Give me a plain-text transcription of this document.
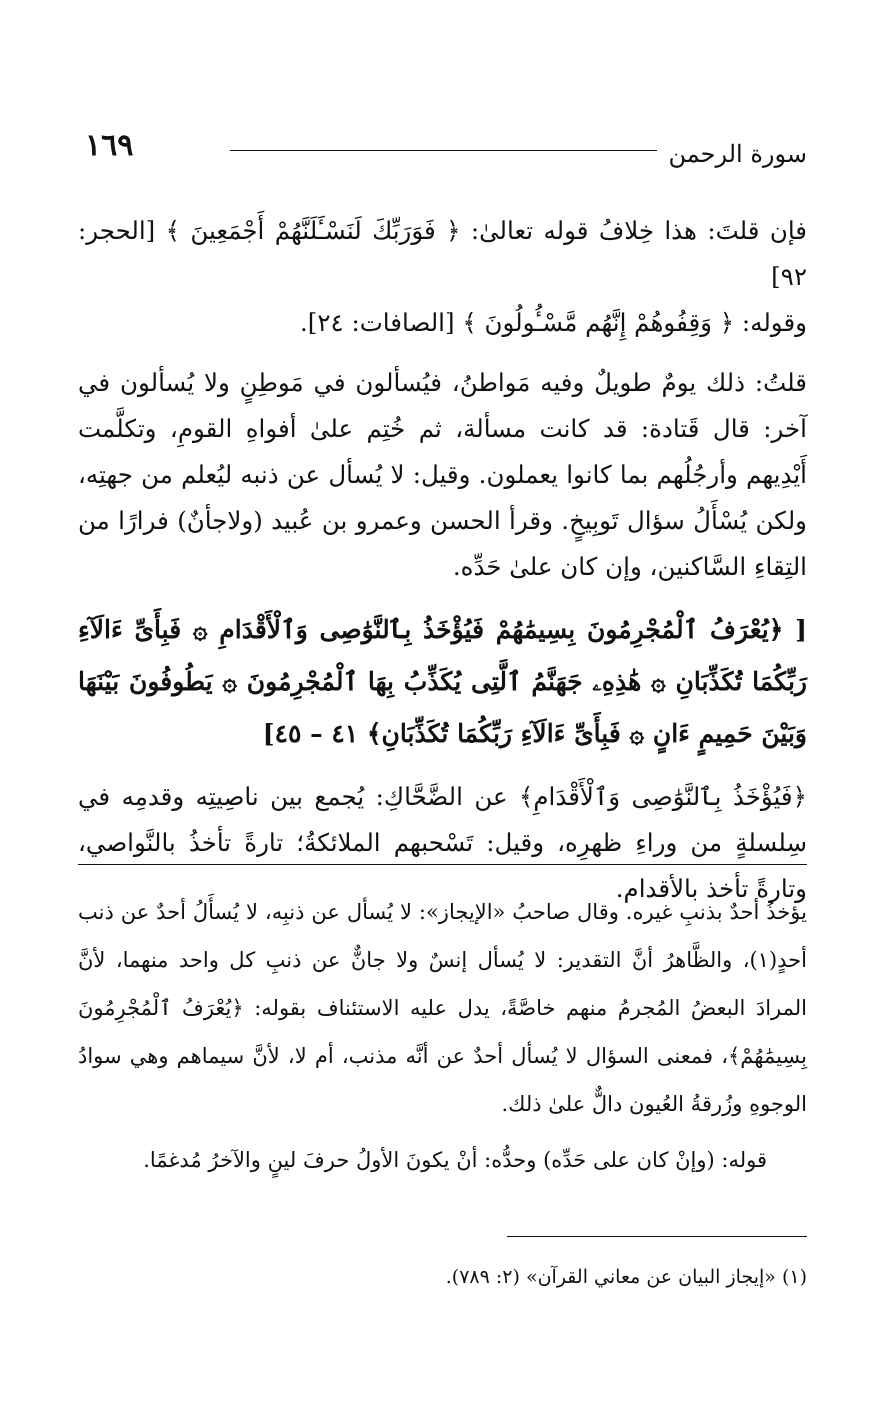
١٦٩	سورة الرحمن

فإن قلتَ: هذا خِلافُ قوله تعالىٰ: ﴿ فَوَرَبِّكَ لَنَسْـَٔلَنَّهُمْ أَجْمَعِينَ ﴾ [الحجر: ٩٢]
وقوله: ﴿ وَقِفُوهُمْ إِنَّهُم مَّسْـُٔولُونَ ﴾ [الصافات: ٢٤].

قلتُ: ذلك يومٌ طويلٌ وفيه مَواطنُ، فيُسألون في مَوطِنٍ ولا يُسألون في آخر: قال قَتادة: قد كانت مسألة، ثم خُتِم علىٰ أفواهِ القومِ، وتكلَّمت أَيْدِيهم وأرجُلُهم بما كانوا يعملون. وقيل: لا يُسأل عن ذنبه ليُعلم من جهتِه، ولكن يُسْأَلُ سؤال تَوبِيخٍ. وقرأ الحسن وعمرو بن عُبيد (ولاجأنٌ) فرارًا من التِقاءِ السَّاكنين، وإن كان علىٰ حَدِّه.

[ ﴿يُعْرَفُ ٱلْمُجْرِمُونَ بِسِيمَٰهُمْ فَيُؤْخَذُ بِٱلنَّوَٰصِى وَٱلْأَقْدَامِ ۞ فَبِأَىِّ ءَالَآءِ رَبِّكُمَا تُكَذِّبَانِ ۞ هَٰذِهِۦ جَهَنَّمُ ٱلَّتِى يُكَذِّبُ بِهَا ٱلْمُجْرِمُونَ ۞ يَطُوفُونَ بَيْنَهَا وَبَيْنَ حَمِيمٍ ءَانٍ ۞ فَبِأَىِّ ءَالَآءِ رَبِّكُمَا تُكَذِّبَانِ﴾ ٤١ – ٤٥]

﴿فَيُؤْخَذُ بِٱلنَّوَٰصِى وَٱلْأَقْدَامِ﴾ عن الضَّحَّاكِ: يُجمع بين ناصِيتِه وقدمِه في سِلسلةٍ من وراءِ ظهرِه، وقيل: تَسْحبهم الملائكةُ؛ تارةً تأخذُ بالنَّواصي، وتارةً تأخذ بالأقدام.

يؤخذُ أحدٌ بذنبِ غيره. وقال صاحبُ «الإيجاز»: لا يُسأل عن ذنبِه، لا يُسأَلُ أحدٌ عن ذنب أحدٍ(١)، والظَّاهرُ أنَّ التقدير: لا يُسأل إنسٌ ولا جانٌّ عن ذنبِ كل واحد منهما، لأنَّ المرادَ البعضُ المُجرمُ منهم خاصَّةً، يدل عليه الاستئناف بقوله: ﴿يُعْرَفُ ٱلْمُجْرِمُونَ بِسِيمَٰهُمْ﴾، فمعنى السؤال لا يُسأل أحدٌ عن أنَّه مذنب، أم لا، لأنَّ سيماهم وهي سوادُ الوجوهِ وزُرقةُ العُيون دالٌّ علىٰ ذلك.

قوله: (وإنْ كان على حَدِّه) وحدُّه: أنْ يكونَ الأولُ حرفَ لينٍ والآخرُ مُدغمًا.

(١) «إيجاز البيان عن معاني القرآن» (٢: ٧٨٩).
